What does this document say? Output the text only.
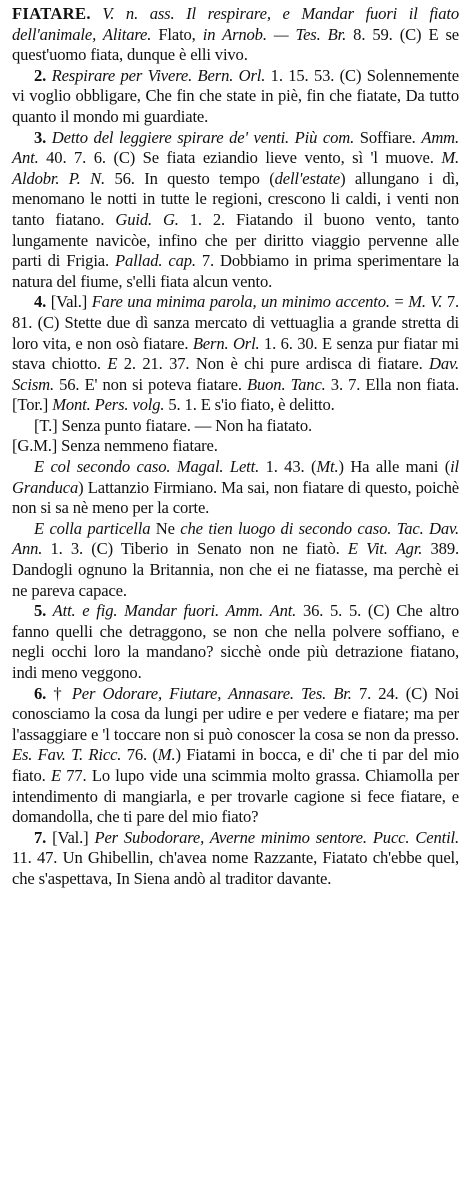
FIATARE. V. n. ass. Il respirare, e Mandar fuori il fiato dell'animale, Alitare. Flato, in Arnob. — Tes. Br. 8. 59. (C) E se quest'uomo fiata, dunque è elli vivo.

2. Respirare per Vivere. Bern. Orl. 1. 15. 53. (C) Solennemente vi voglio obbligare, Che fin che state in piè, fin che fiatate, Da tutto quanto il mondo mi guardiate.

3. Detto del leggiere spirare de' venti. Più com. Soffiare. Amm. Ant. 40. 7. 6. (C) Se fiata eziandio lieve vento, sì 'l muove. M. Aldobr. P. N. 56. In questo tempo (dell'estate) allungano i dì, menomano le notti in tutte le regioni, crescono li caldi, i venti non tanto fiatano. Guid. G. 1. 2. Fiatando il buono vento, tanto lungamente navicòe, infino che per diritto viaggio pervenne alle parti di Frigia. Pallad. cap. 7. Dobbiamo in prima sperimentare la natura del fiume, s'elli fiata alcun vento.

4. [Val.] Fare una minima parola, un minimo accento. = M. V. 7. 81. (C) Stette due dì sanza mercato di vettuaglia a grande stretta di loro vita, e non osò fiatare. Bern. Orl. 1. 6. 30. E senza pur fiatar mi stava chiotto. E 2. 21. 37. Non è chi pure ardisca di fiatare. Dav. Scism. 56. E' non si poteva fiatare. Buon. Tanc. 3. 7. Ella non fiata. [Tor.] Mont. Pers. volg. 5. 1. E s'io fiato, è delitto.

[T.] Senza punto fiatare. — Non ha fiatato.

[G.M.] Senza nemmeno fiatare.

E col secondo caso. Magal. Lett. 1. 43. (Mt.) Ha alle mani (il Granduca) Lattanzio Firmiano. Ma sai, non fiatare di questo, poichè non si sa nè meno per la corte.

E colla particella Ne che tien luogo di secondo caso. Tac. Dav. Ann. 1. 3. (C) Tiberio in Senato non ne fiatò. E Vit. Agr. 389. Dandogli ognuno la Britannia, non che ei ne fiatasse, ma perchè ei ne pareva capace.

5. Att. e fig. Mandar fuori. Amm. Ant. 36. 5. 5. (C) Che altro fanno quelli che detraggono, se non che nella polvere soffiano, e negli occhi loro la mandano? sicchè onde più detrazione fiatano, indi meno veggono.

6. † Per Odorare, Fiutare, Annasare. Tes. Br. 7. 24. (C) Noi conosciamo la cosa da lungi per udire e per vedere e fiatare; ma per l'assaggiare e 'l toccare non si può conoscer la cosa se non da presso. Es. Fav. T. Ricc. 76. (M.) Fiatami in bocca, e di' che ti par del mio fiato. E 77. Lo lupo vide una scimmia molto grassa. Chiamolla per intendimento di mangiarla, e per trovarle cagione si fece fiatare, e domandolla, che ti pare del mio fiato?

7. [Val.] Per Subodorare, Averne minimo sentore. Pucc. Centil. 11. 47. Un Ghibellin, ch'avea nome Razzante, Fiatato ch'ebbe quel, che s'aspettava, In Siena andò al traditor davante.
